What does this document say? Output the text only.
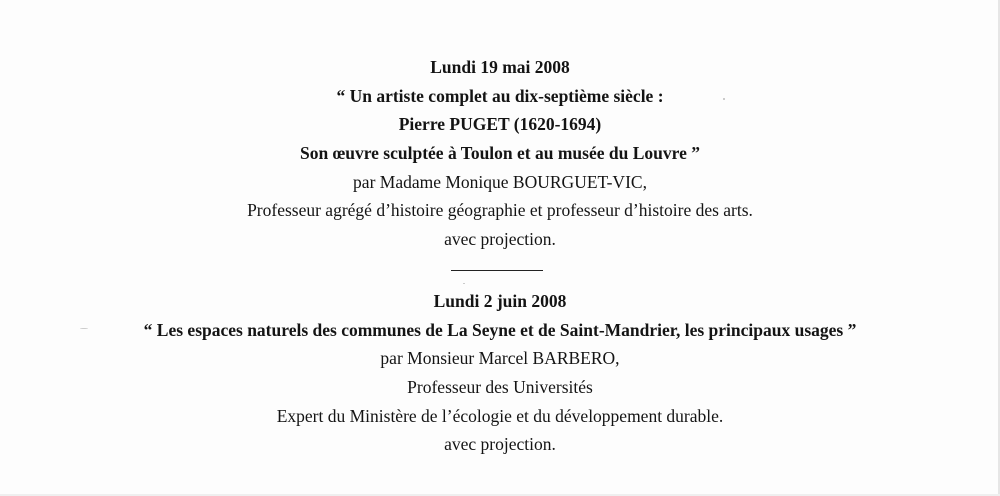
Lundi 19 mai 2008
“ Un artiste complet au dix-septième siècle :
Pierre PUGET (1620-1694)
Son œuvre sculptée à Toulon et au musée du Louvre ”
par Madame Monique BOURGUET-VIC,
Professeur agrégé d’histoire géographie et professeur d’histoire des arts.
avec projection.
Lundi 2 juin 2008
“ Les espaces naturels des communes de La Seyne et de Saint-Mandrier, les principaux usages ”
par Monsieur Marcel BARBERO,
Professeur des Universités
Expert du Ministère de l’écologie et du développement durable.
avec projection.
